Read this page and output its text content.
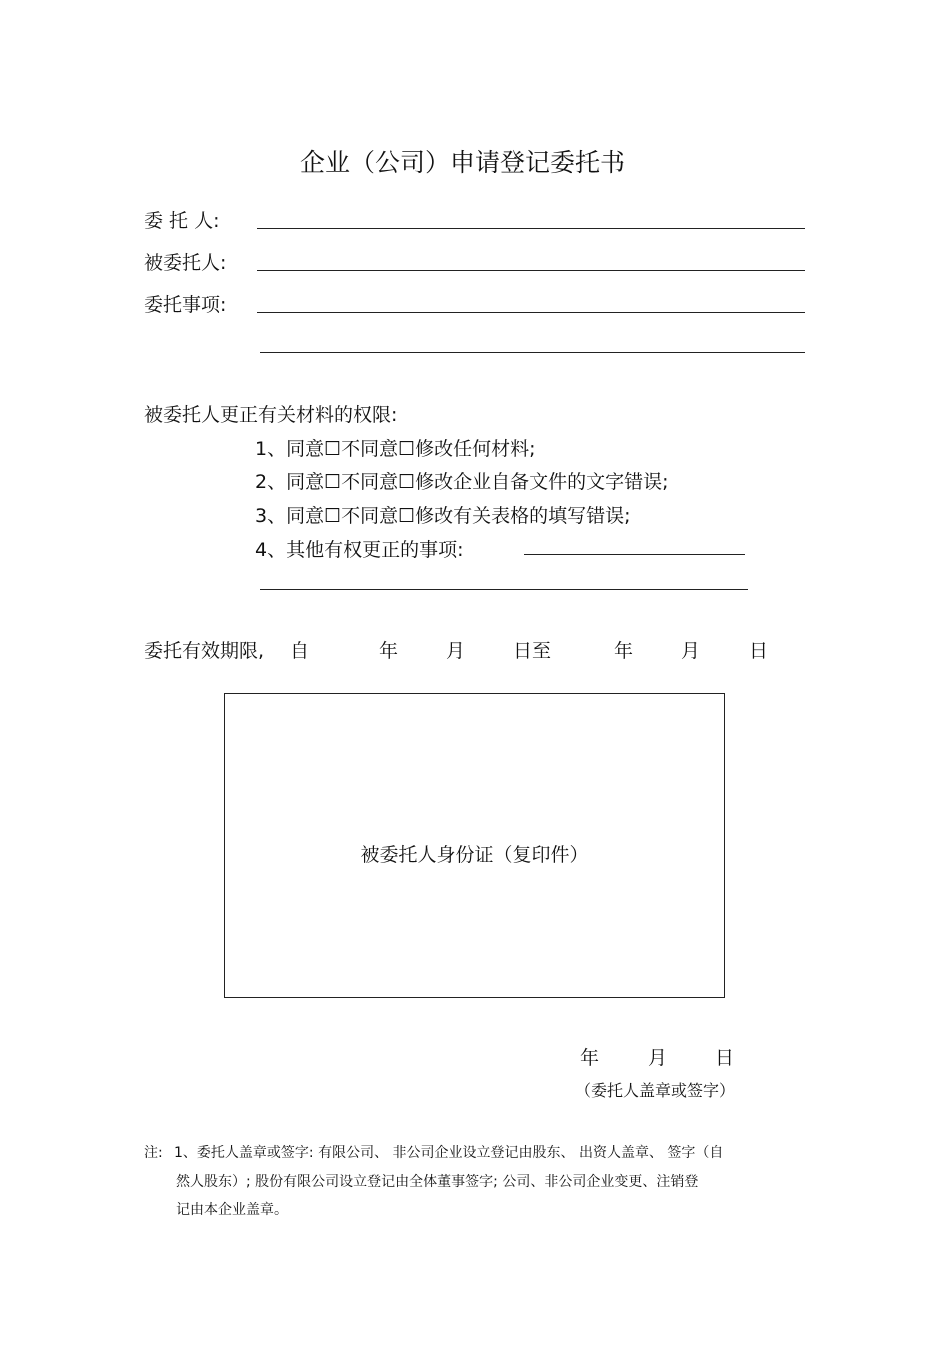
企业（公司）申请登记委托书
委 托 人:
被委托人:
委托事项:
被委托人更正有关材料的权限:
1、同意☐不同意☐修改任何材料;
2、同意☐不同意☐修改企业自备文件的文字错误;
3、同意☐不同意☐修改有关表格的填写错误;
4、其他有权更正的事项:
委托有效期限, 自	年	月	日至	年	月	日
被委托人身份证（复印件）
年	月	日
（委托人盖章或签字）
注: 1、委托人盖章或签字: 有限公司、 非公司企业设立登记由股东、 出资人盖章、 签字（自
然人股东）; 股份有限公司设立登记由全体董事签字; 公司、非公司企业变更、注销登
记由本企业盖章。
